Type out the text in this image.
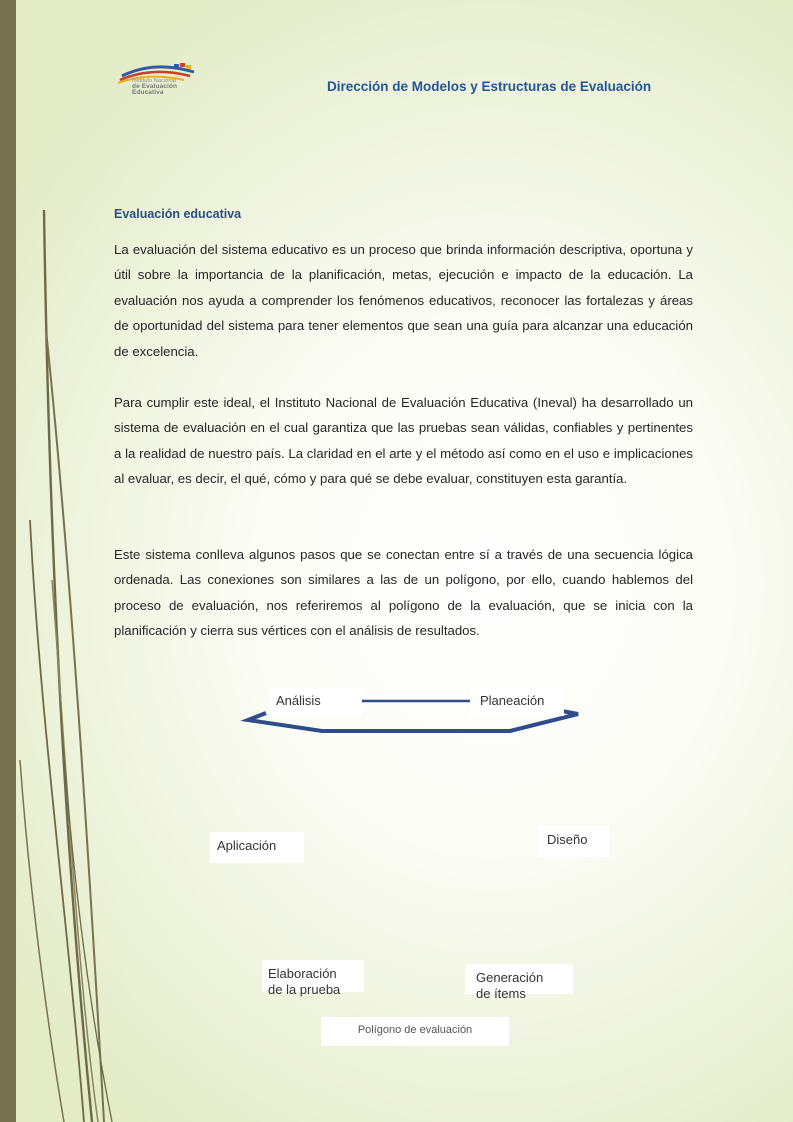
Instituto Nacional
de Evaluación
Educativa	Dirección de Modelos y Estructuras de Evaluación
Evaluación educativa

La evaluación del sistema educativo es un proceso que brinda información descriptiva, oportuna y útil sobre la importancia de la planificación, metas, ejecución e impacto de la educación. La evaluación nos ayuda a comprender los fenómenos educativos, reconocer las fortalezas y áreas de oportunidad del sistema para tener elementos que sean una guía para alcanzar una educación de excelencia.

Para cumplir este ideal, el Instituto Nacional de Evaluación Educativa (Ineval) ha desarrollado un sistema de evaluación en el cual garantiza que las pruebas sean válidas, confiables y pertinentes a la realidad de nuestro país. La claridad en el arte y el método así como en el uso e implicaciones al evaluar, es decir, el qué, cómo y para qué se debe evaluar, constituyen esta garantía.

Este sistema conlleva algunos pasos que se conectan entre sí a través de una secuencia lógica ordenada. Las conexiones son similares a las de un polígono, por ello, cuando hablemos del proceso de evaluación, nos referiremos al polígono de la evaluación, que se inicia con la planificación y cierra sus vértices con el análisis de resultados.

Análisis	Planeación
Aplicación	Diseño
Elaboración
de la prueba
Generación
de ítems
Polígono de evaluación
